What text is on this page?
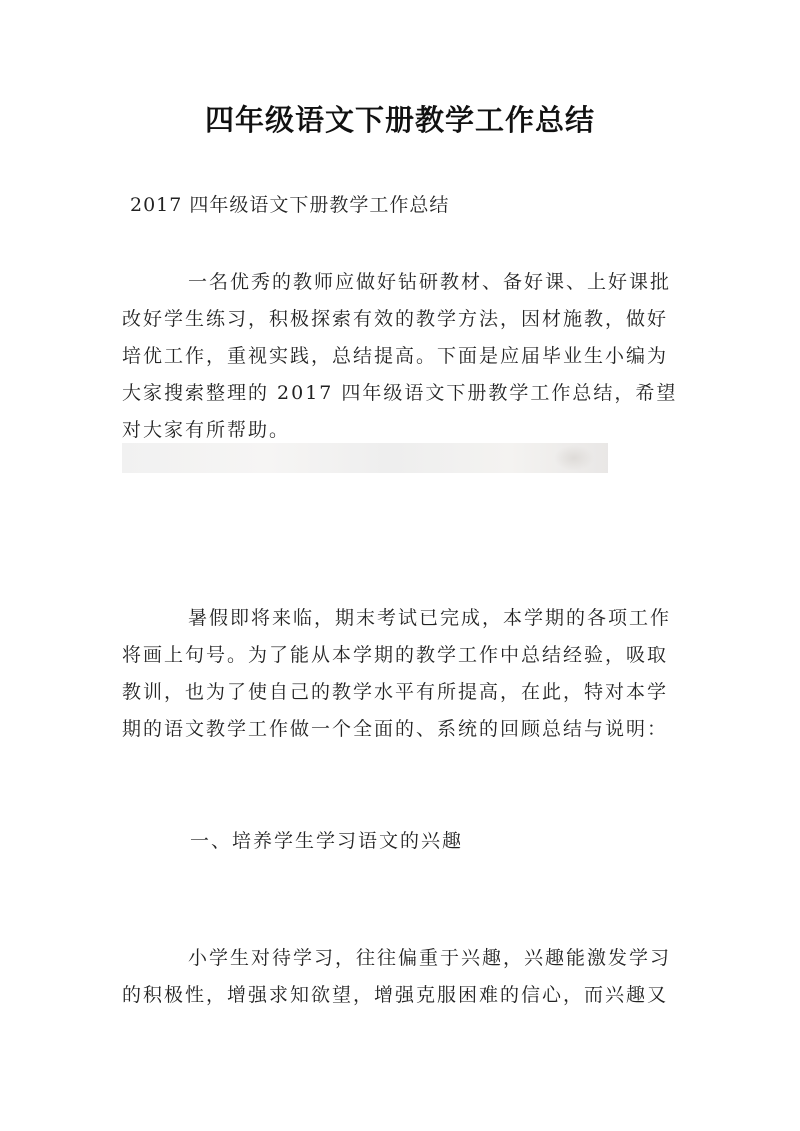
四年级语文下册教学工作总结
2017 四年级语文下册教学工作总结

一名优秀的教师应做好钻研教材、备好课、上好课批
改好学生练习，积极探索有效的教学方法，因材施教，做好
培优工作，重视实践，总结提高。下面是应届毕业生小编为
大家搜索整理的 2017 四年级语文下册教学工作总结，希望
对大家有所帮助。

暑假即将来临，期末考试已完成，本学期的各项工作
将画上句号。为了能从本学期的教学工作中总结经验，吸取
教训，也为了使自己的教学水平有所提高，在此，特对本学
期的语文教学工作做一个全面的、系统的回顾总结与说明：

一、培养学生学习语文的兴趣

小学生对待学习，往往偏重于兴趣，兴趣能激发学习
的积极性，增强求知欲望，增强克服困难的信心，而兴趣又
